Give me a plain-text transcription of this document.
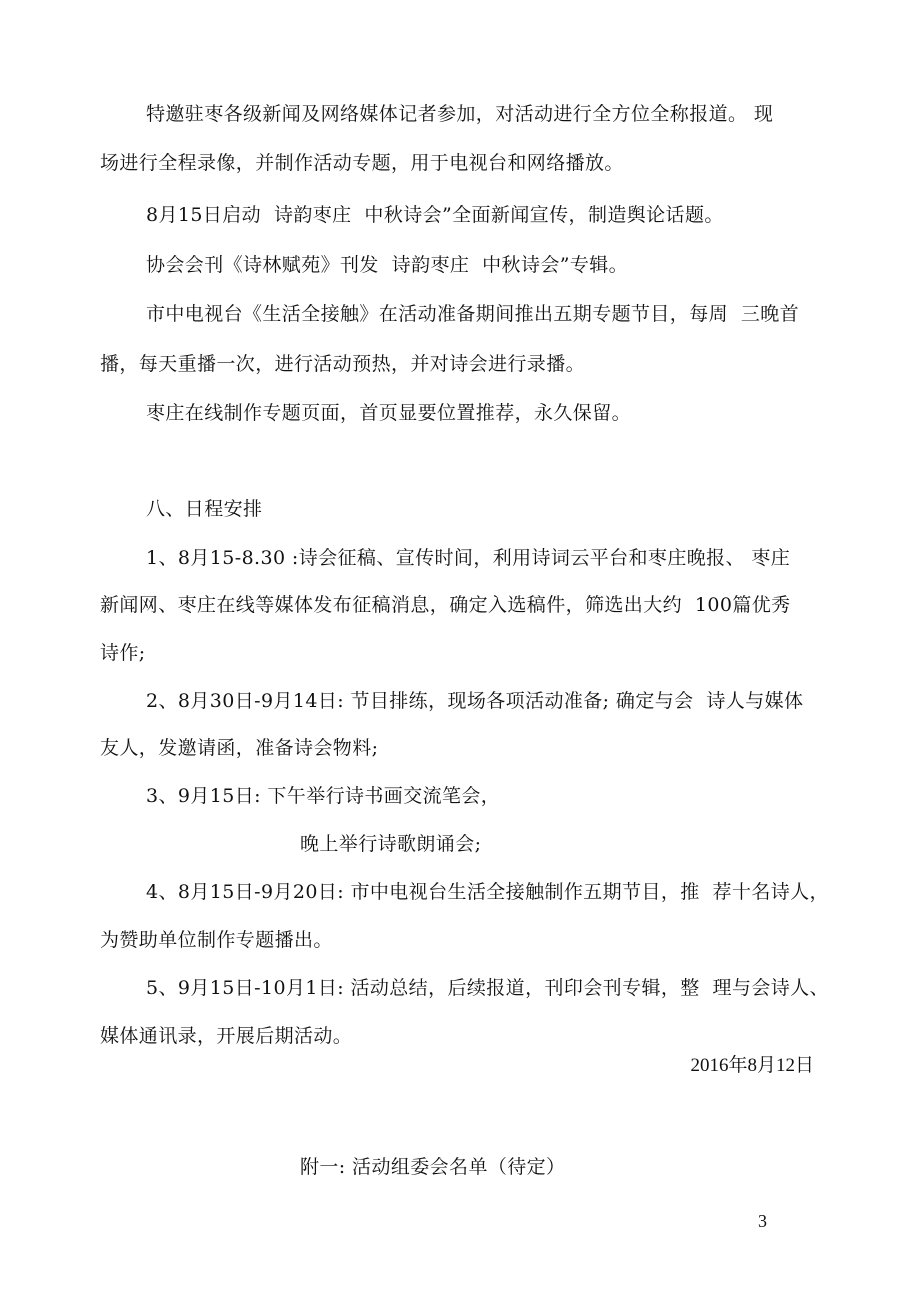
特邀驻枣各级新闻及网络媒体记者参加，对活动进行全方位全称报道。 现
场进行全程录像，并制作活动专题，用于电视台和网络播放。
8月15日启动  诗韵枣庄  中秋诗会”全面新闻宣传，制造舆论话题。
协会会刊《诗林赋苑》刊发  诗韵枣庄  中秋诗会”专辑。
市中电视台《生活全接触》在活动准备期间推出五期专题节目，每周  三晚首
播，每天重播一次，进行活动预热，并对诗会进行录播。
枣庄在线制作专题页面，首页显要位置推荐，永久保留。
八、日程安排
1、8月15-8.30 :诗会征稿、宣传时间，利用诗词云平台和枣庄晚报、 枣庄
新闻网、枣庄在线等媒体发布征稿消息，确定入选稿件，筛选出大约  100篇优秀
诗作;
2、8月30日-9月14日: 节目排练，现场各项活动准备; 确定与会  诗人与媒体
友人，发邀请函，准备诗会物料;
3、9月15日: 下午举行诗书画交流笔会，
晚上举行诗歌朗诵会;
4、8月15日-9月20日: 市中电视台生活全接触制作五期节目，推  荐十名诗人，
为赞助单位制作专题播出。
5、9月15日-10月1日: 活动总结，后续报道，刊印会刊专辑，整  理与会诗人、
媒体通讯录，开展后期活动。
2016年8月12日
附一: 活动组委会名单（待定）
3
